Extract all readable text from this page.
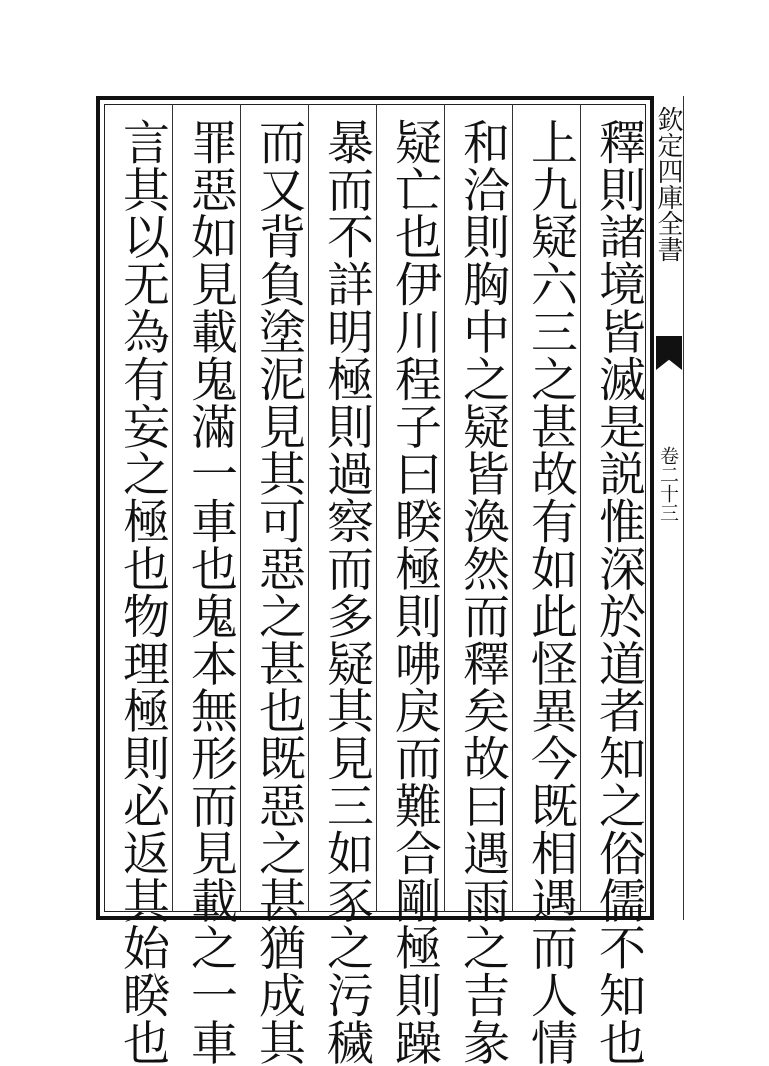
釋則諸境皆滅是説惟深於道者知之俗儒不知也
上九疑六三之甚故有如此怪異今既相遇而人情
和洽則胸中之疑皆渙然而釋矣故曰遇雨之吉彖
疑亡也伊川程子曰睽極則咈戾而難合剛極則躁
暴而不詳明極則過察而多疑其見三如豕之污穢
而又背負塗泥見其可惡之甚也既惡之甚猶成其
罪惡如見載鬼滿一車也鬼本無形而見載之一車
言其以无為有妄之極也物理極則必返其始睽也	欽定四庫全書
卷二十三
